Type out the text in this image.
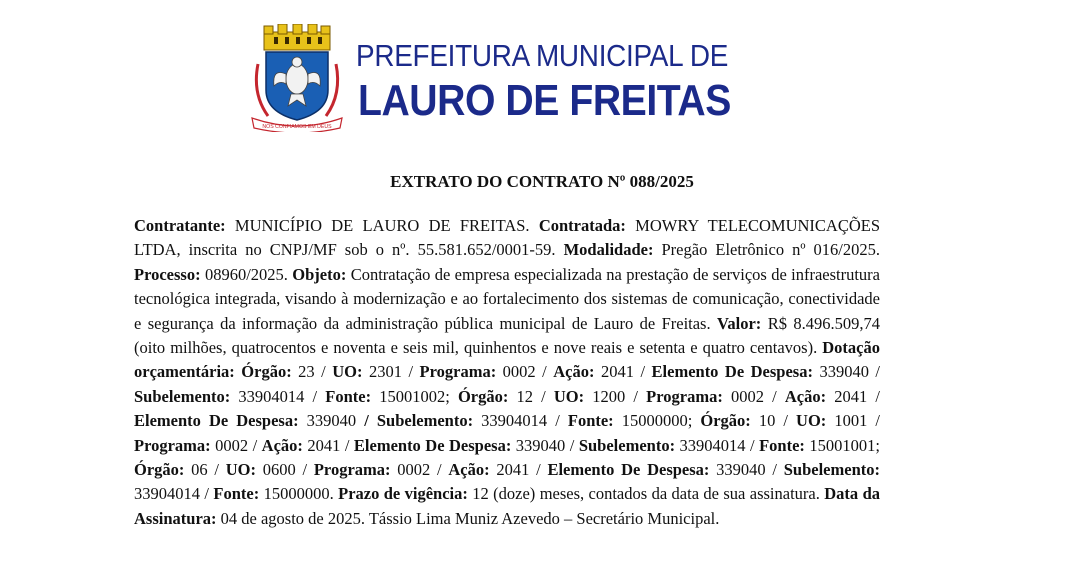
NOS CONFIAMOS EM DEUS
PREFEITURA MUNICIPAL DE
LAURO DE FREITAS
EXTRATO DO CONTRATO Nº 088/2025
Contratante: MUNICÍPIO DE LAURO DE FREITAS. Contratada: MOWRY TELECOMUNICAÇÕES LTDA, inscrita no CNPJ/MF sob o nº. 55.581.652/0001-59. Modalidade: Pregão Eletrônico nº 016/2025. Processo: 08960/2025. Objeto: Contratação de empresa especializada na prestação de serviços de infraestrutura tecnológica integrada, visando à modernização e ao fortalecimento dos sistemas de comunicação, conectividade e segurança da informação da administração pública municipal de Lauro de Freitas. Valor: R$ 8.496.509,74 (oito milhões, quatrocentos e noventa e seis mil, quinhentos e nove reais e setenta e quatro centavos). Dotação orçamentária: Órgão: 23 / UO: 2301 / Programa: 0002 / Ação: 2041 / Elemento De Despesa: 339040 / Subelemento: 33904014 / Fonte: 15001002; Órgão: 12 / UO: 1200 / Programa: 0002 / Ação: 2041 / Elemento De Despesa: 339040 / Subelemento: 33904014 / Fonte: 15000000; Órgão: 10 / UO: 1001 / Programa: 0002 / Ação: 2041 / Elemento De Despesa: 339040 / Subelemento: 33904014 / Fonte: 15001001; Órgão: 06 / UO: 0600 / Programa: 0002 / Ação: 2041 / Elemento De Despesa: 339040 / Subelemento: 33904014 / Fonte: 15000000. Prazo de vigência: 12 (doze) meses, contados da data de sua assinatura. Data da Assinatura: 04 de agosto de 2025. Tássio Lima Muniz Azevedo – Secretário Municipal.
